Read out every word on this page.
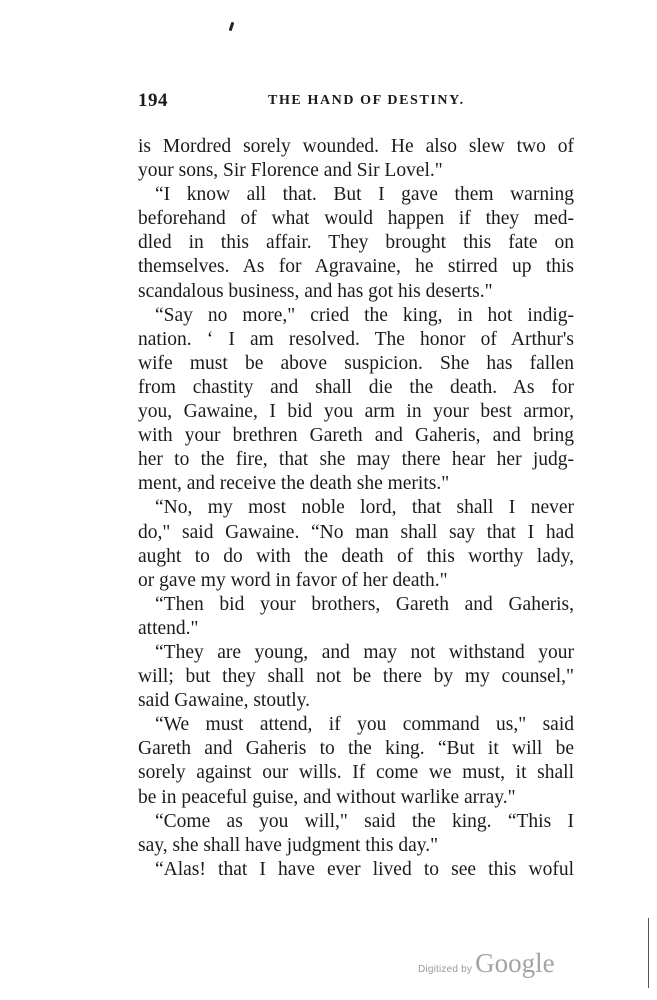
194	THE HAND OF DESTINY.
is Mordred sorely wounded. He also slew two of
your sons, Sir Florence and Sir Lovel."
“I know all that. But I gave them warning
beforehand of what would happen if they med-
dled in this affair. They brought this fate on
themselves. As for Agravaine, he stirred up this
scandalous business, and has got his deserts."
“Say no more," cried the king, in hot indig-
nation. ‘ I am resolved. The honor of Arthur's
wife must be above suspicion. She has fallen
from chastity and shall die the death. As for
you, Gawaine, I bid you arm in your best armor,
with your brethren Gareth and Gaheris, and bring
her to the fire, that she may there hear her judg-
ment, and receive the death she merits."
“No, my most noble lord, that shall I never
do," said Gawaine. “No man shall say that I had
aught to do with the death of this worthy lady,
or gave my word in favor of her death."
“Then bid your brothers, Gareth and Gaheris,
attend."
“They are young, and may not withstand your
will; but they shall not be there by my counsel,"
said Gawaine, stoutly.
“We must attend, if you command us," said
Gareth and Gaheris to the king. “But it will be
sorely against our wills. If come we must, it shall
be in peaceful guise, and without warlike array."
“Come as you will," said the king. “This I
say, she shall have judgment this day."
“Alas! that I have ever lived to see this woful
Digitized by Google
